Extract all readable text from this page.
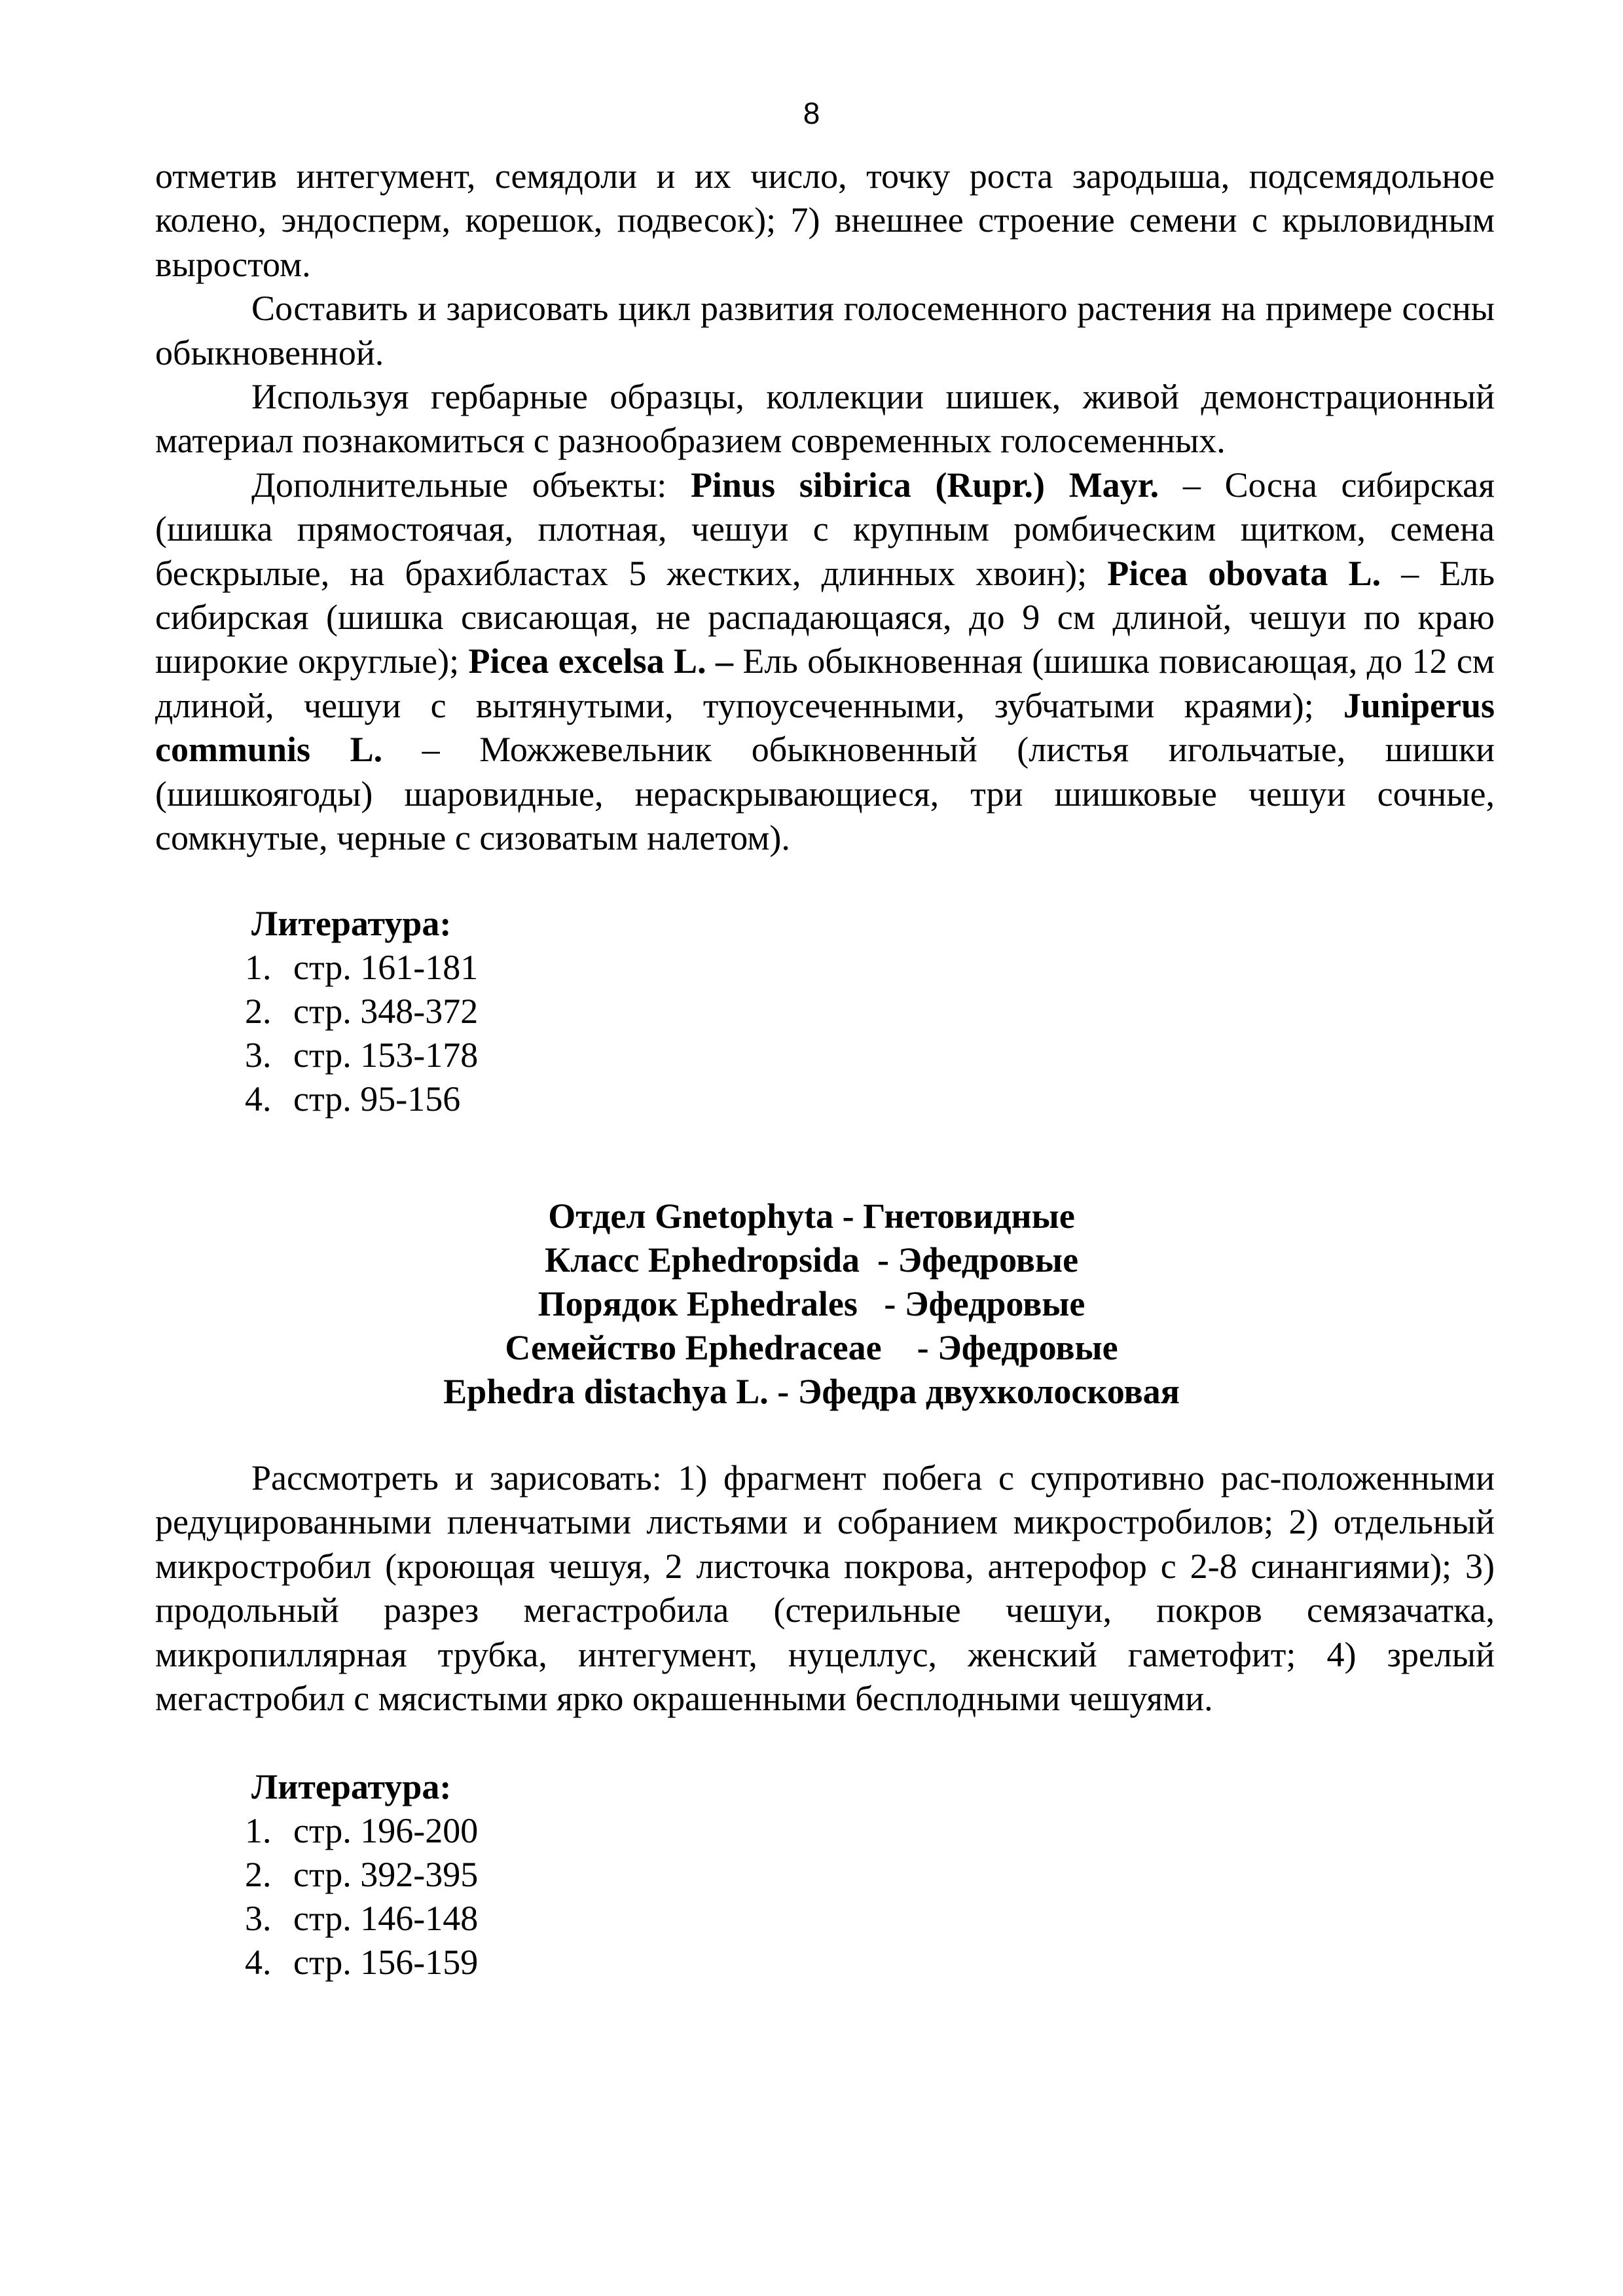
8

отметив интегумент, семядоли и их число, точку роста зародыша, подсемядольное колено, эндосперм, корешок, подвесок); 7) внешнее строение семени с крыловидным выростом.

Составить и зарисовать цикл развития голосеменного растения на примере сосны обыкновенной.

Используя гербарные образцы, коллекции шишек, живой демонстрационный материал познакомиться с разнообразием современных голосеменных.

Дополнительные объекты: Pinus sibirica (Rupr.) Mayr. – Сосна сибирская (шишка прямостоячая, плотная, чешуи с крупным ромбическим щитком, семена бескрылые, на брахибластах 5 жестких, длинных хвоин); Picea obovata L. – Ель сибирская (шишка свисающая, не распадающаяся, до 9 см длиной, чешуи по краю широкие округлые); Picea excelsa L. – Ель обыкновенная (шишка повисающая, до 12 см длиной, чешуи с вытянутыми, тупоусеченными, зубчатыми краями); Juniperus communis L. – Можжевельник обыкновенный (листья игольчатые, шишки (шишкоягоды) шаровидные, нераскрывающиеся, три шишковые чешуи сочные, сомкнутые, черные с сизоватым налетом).

Литература:
1. стр. 161-181
2. стр. 348-372
3. стр. 153-178
4. стр. 95-156
Отдел Gnetophyta - Гнетовидные
Класс Ephedropsida  - Эфедровые
Порядок Ephedrales   - Эфедровые
Семейство Ephedraceae    - Эфедровые
Ephedra distachya L. - Эфедра двухколосковая

Рассмотреть и зарисовать: 1) фрагмент побега с супротивно рас-положенными редуцированными пленчатыми листьями и собранием микростробилов; 2) отдельный микростробил (кроющая чешуя, 2 листочка покрова, антерофор с 2-8 синангиями); 3) продольный разрез мегастробила (стерильные чешуи, покров семязачатка, микропиллярная трубка, интегумент, нуцеллус, женский гаметофит; 4) зрелый мегастробил с мясистыми ярко окрашенными бесплодными чешуями.

Литература:
1. стр. 196-200
2. стр. 392-395
3. стр. 146-148
4. стр. 156-159
